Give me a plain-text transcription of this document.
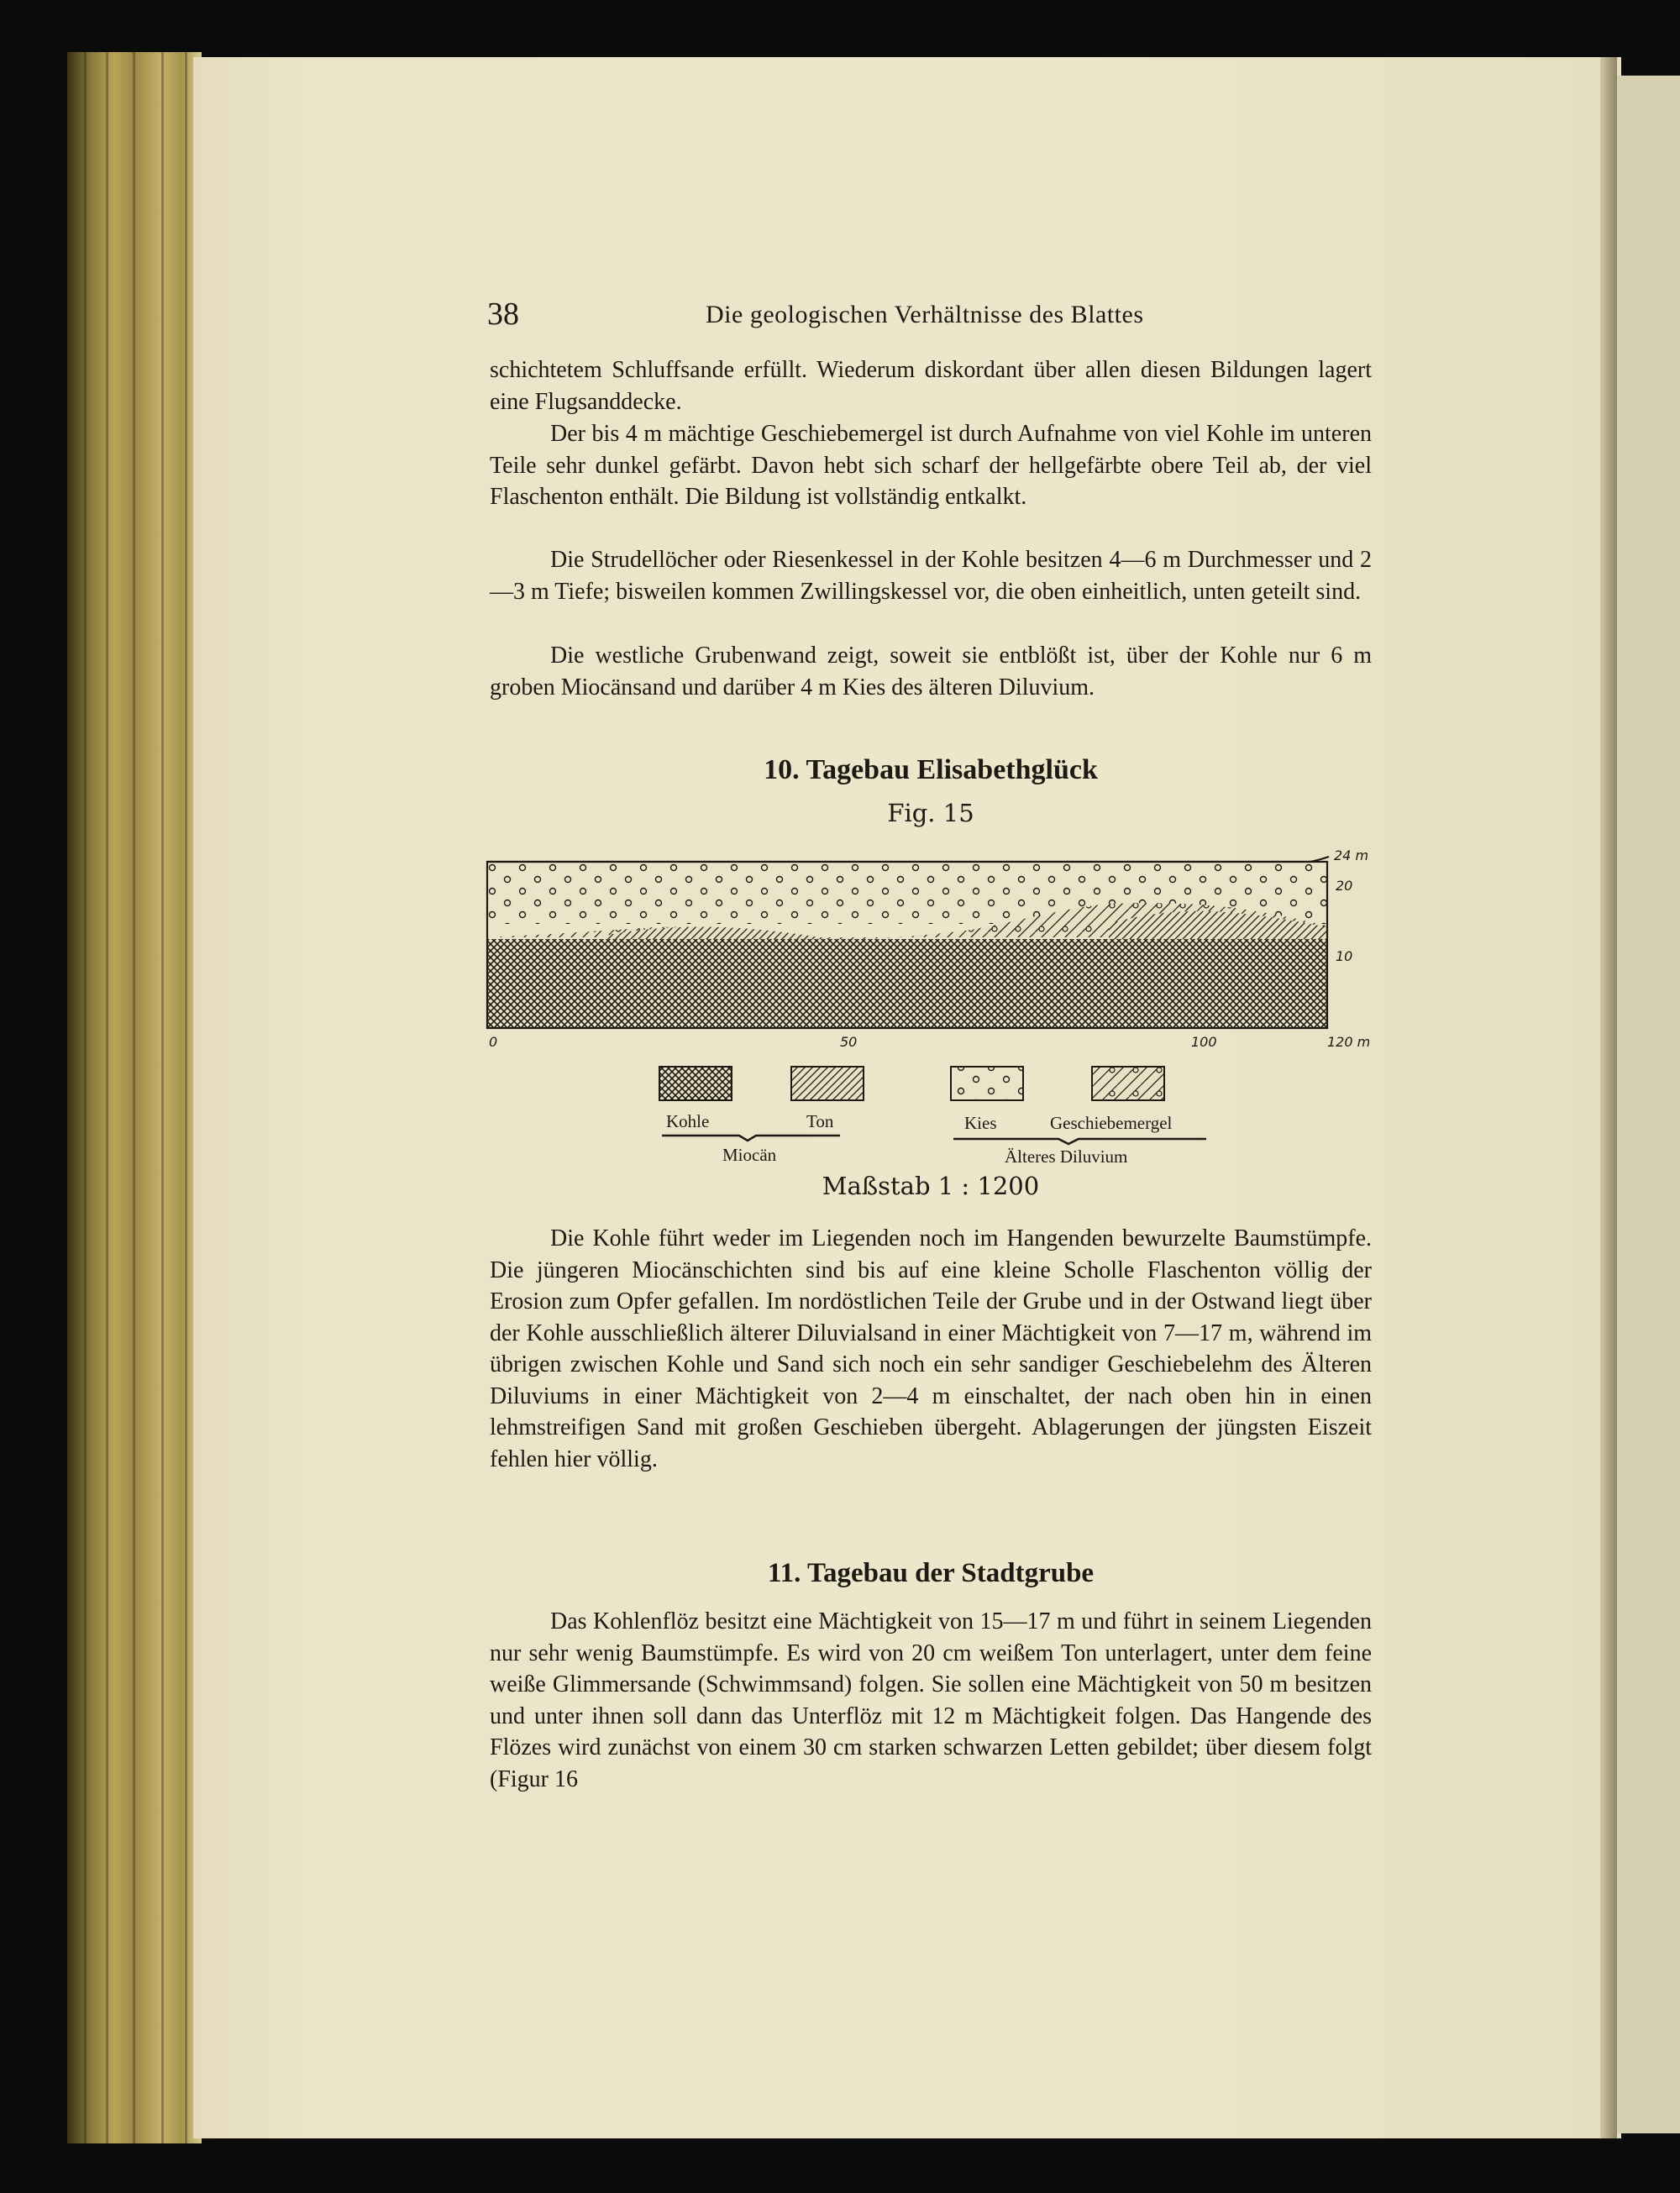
38	Die geologischen Verhältnisse des Blattes
schichtetem Schluffsande erfüllt. Wiederum diskordant über allen diesen Bildungen lagert eine Flugsanddecke.
Der bis 4 m mächtige Geschiebemergel ist durch Aufnahme von viel Kohle im unteren Teile sehr dunkel gefärbt. Davon hebt sich scharf der hellgefärbte obere Teil ab, der viel Flaschenton enthält. Die Bildung ist vollständig entkalkt.
Die Strudellöcher oder Riesenkessel in der Kohle besitzen 4—6 m Durchmesser und 2—3 m Tiefe; bisweilen kommen Zwillingskessel vor, die oben einheitlich, unten geteilt sind.
Die westliche Grubenwand zeigt, soweit sie entblößt ist, über der Kohle nur 6 m groben Miocänsand und darüber 4 m Kies des älteren Diluvium.
10. Tagebau Elisabethglück
Fig. 15
24 m
20
10
0	50	100	120 m
Kohle	Ton	Kies	Geschiebemergel
Miocän	Älteres Diluvium
Maßstab 1 : 1200
Die Kohle führt weder im Liegenden noch im Hangenden bewurzelte Baumstümpfe. Die jüngeren Miocänschichten sind bis auf eine kleine Scholle Flaschenton völlig der Erosion zum Opfer gefallen. Im nordöstlichen Teile der Grube und in der Ostwand liegt über der Kohle ausschließlich älterer Diluvialsand in einer Mächtigkeit von 7—17 m, während im übrigen zwischen Kohle und Sand sich noch ein sehr sandiger Geschiebelehm des Älteren Diluviums in einer Mächtigkeit von 2—4 m einschaltet, der nach oben hin in einen lehmstreifigen Sand mit großen Geschieben übergeht. Ablagerungen der jüngsten Eiszeit fehlen hier völlig.
11. Tagebau der Stadtgrube
Das Kohlenflöz besitzt eine Mächtigkeit von 15—17 m und führt in seinem Liegenden nur sehr wenig Baumstümpfe. Es wird von 20 cm weißem Ton unterlagert, unter dem feine weiße Glimmersande (Schwimmsand) folgen. Sie sollen eine Mächtigkeit von 50 m besitzen und unter ihnen soll dann das Unterflöz mit 12 m Mächtigkeit folgen. Das Hangende des Flözes wird zunächst von einem 30 cm starken schwarzen Letten gebildet; über diesem folgt (Figur 16
